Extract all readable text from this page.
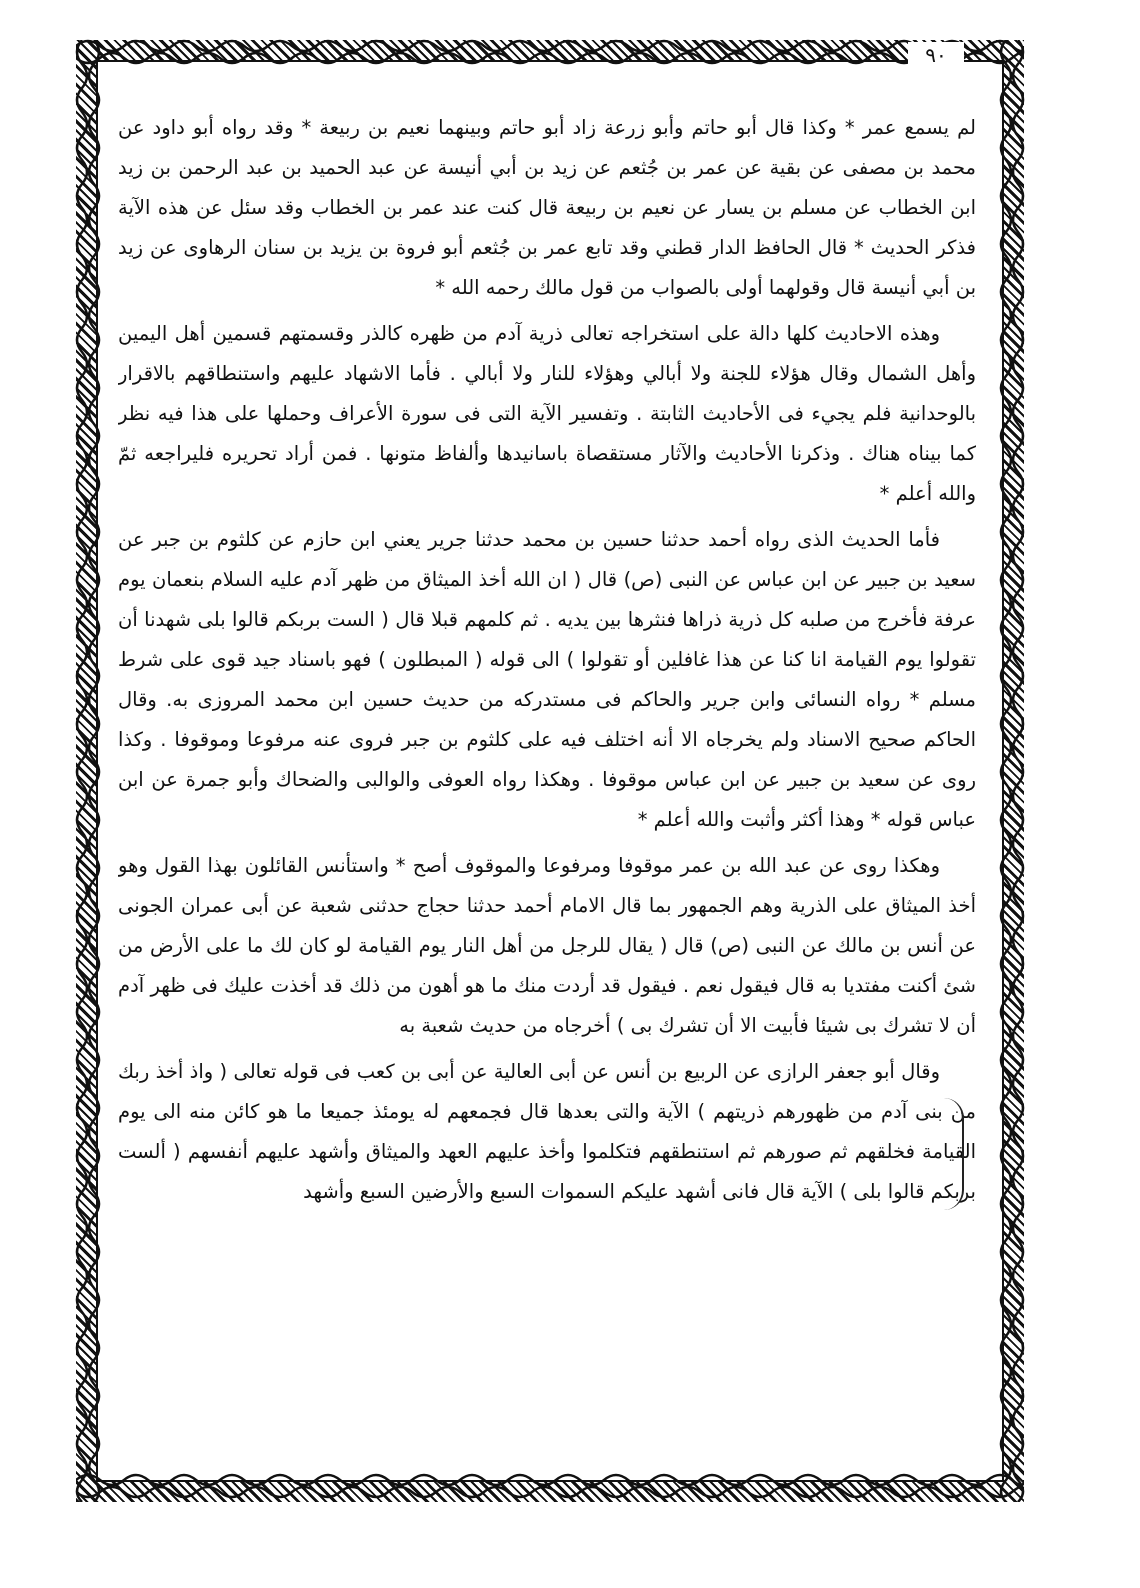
٩٠

لم يسمع عمر * وكذا قال أبو حاتم وأبو زرعة زاد أبو حاتم وبينهما نعيم بن ربيعة * وقد رواه أبو داود عن محمد بن مصفى عن بقية عن عمر بن جُثعم عن زيد بن أبي أنيسة عن عبد الحميد بن عبد الرحمن بن زيد ابن الخطاب عن مسلم بن يسار عن نعيم بن ربيعة قال كنت عند عمر بن الخطاب وقد سئل عن هذه الآية فذكر الحديث * قال الحافظ الدار قطني وقد تابع عمر بن جُثعم أبو فروة بن يزيد بن سنان الرهاوى عن زيد بن أبي أنيسة قال وقولهما أولى بالصواب من قول مالك رحمه الله *

وهذه الاحاديث كلها دالة على استخراجه تعالى ذرية آدم من ظهره كالذر وقسمتهم قسمين أهل اليمين وأهل الشمال وقال هؤلاء للجنة ولا أبالي وهؤلاء للنار ولا أبالي . فأما الاشهاد عليهم واستنطاقهم بالاقرار بالوحدانية فلم يجيء فى الأحاديث الثابتة . وتفسير الآية التى فى سورة الأعراف وحملها على هذا فيه نظر كما بيناه هناك . وذكرنا الأحاديث والآثار مستقصاة باسانيدها وألفاظ متونها . فمن أراد تحريره فليراجعه ثمّ والله أعلم *

فأما الحديث الذى رواه أحمد حدثنا حسين بن محمد حدثنا جرير يعني ابن حازم عن كلثوم بن جبر عن سعيد بن جبير عن ابن عباس عن النبى (ص) قال ( ان الله أخذ الميثاق من ظهر آدم عليه السلام بنعمان يوم عرفة فأخرج من صلبه كل ذرية ذراها فنثرها بين يديه . ثم كلمهم قبلا قال ( الست بربكم قالوا بلى شهدنا أن تقولوا يوم القيامة انا كنا عن هذا غافلين أو تقولوا ) الى قوله ( المبطلون ) فهو باسناد جيد قوى على شرط مسلم * رواه النسائى وابن جرير والحاكم فى مستدركه من حديث حسين ابن محمد المروزى به. وقال الحاكم صحيح الاسناد ولم يخرجاه الا أنه اختلف فيه على كلثوم بن جبر فروى عنه مرفوعا وموقوفا . وكذا روى عن سعيد بن جبير عن ابن عباس موقوفا . وهكذا رواه العوفى والوالبى والضحاك وأبو جمرة عن ابن عباس قوله * وهذا أكثر وأثبت والله أعلم *

وهكذا روى عن عبد الله بن عمر موقوفا ومرفوعا والموقوف أصح * واستأنس القائلون بهذا القول وهو أخذ الميثاق على الذرية وهم الجمهور بما قال الامام أحمد حدثنا حجاج حدثنى شعبة عن أبى عمران الجونى عن أنس بن مالك عن النبى (ص) قال ( يقال للرجل من أهل النار يوم القيامة لو كان لك ما على الأرض من شئ أكنت مفتديا به قال فيقول نعم . فيقول قد أردت منك ما هو أهون من ذلك قد أخذت عليك فى ظهر آدم أن لا تشرك بى شيئا فأبيت الا أن تشرك بى ) أخرجاه من حديث شعبة به

وقال أبو جعفر الرازى عن الربيع بن أنس عن أبى العالية عن أبى بن كعب فى قوله تعالى ( واذ أخذ ربك من بنى آدم من ظهورهم ذريتهم ) الآية والتى بعدها قال فجمعهم له يومئذ جميعا ما هو كائن منه الى يوم القيامة فخلقهم ثم صورهم ثم استنطقهم فتكلموا وأخذ عليهم العهد والميثاق وأشهد عليهم أنفسهم ( ألست بربكم قالوا بلى ) الآية قال فانى أشهد عليكم السموات السبع والأرضين السبع وأشهد
